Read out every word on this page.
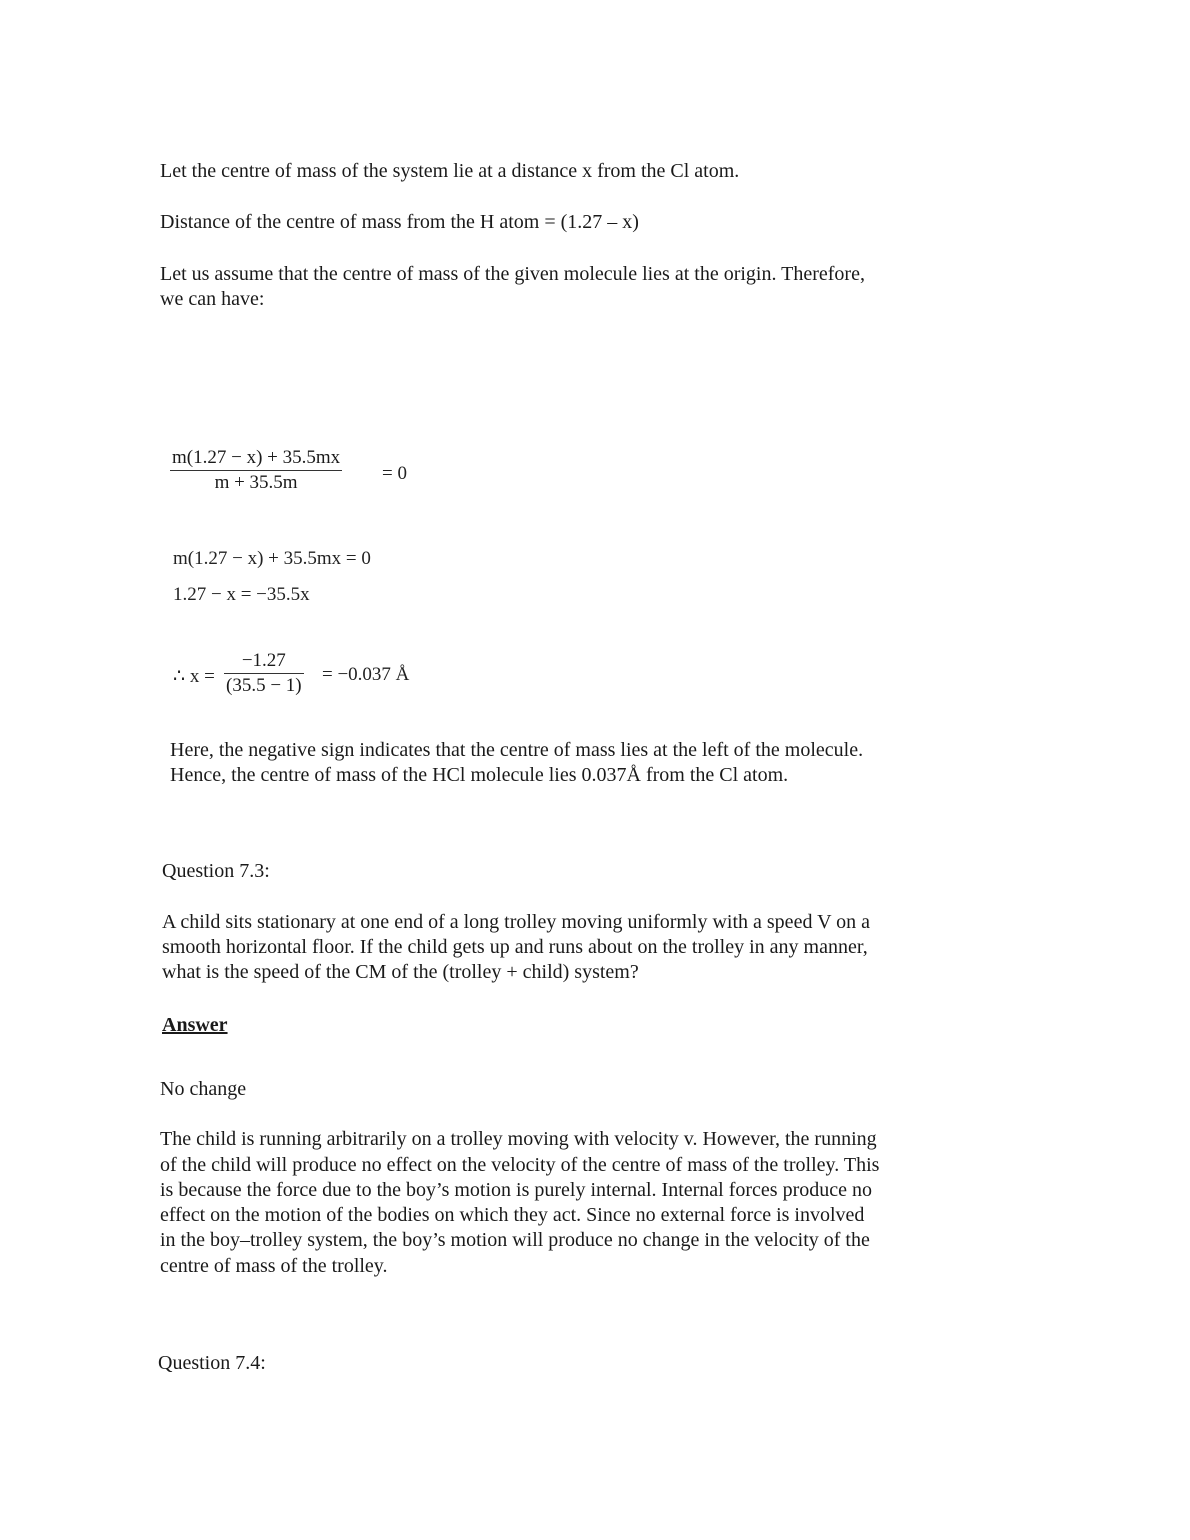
Let the centre of mass of the system lie at a distance x from the Cl atom.

Distance of the centre of mass from the H atom = (1.27 – x)

Let us assume that the centre of mass of the given molecule lies at the origin. Therefore,

we can have:

m(1.27 − x) + 35.5mx
m + 35.5m	= 0
m(1.27 − x) + 35.5mx = 0
1.27 − x = −35.5x
∴ x =
−1.27
(35.5 − 1)
= −0.037 Å

Here, the negative sign indicates that the centre of mass lies at the left of the molecule.

Hence, the centre of mass of the HCl molecule lies 0.037Å from the Cl atom.

Question 7.3:

A child sits stationary at one end of a long trolley moving uniformly with a speed V on a

smooth horizontal floor. If the child gets up and runs about on the trolley in any manner,

what is the speed of the CM of the (trolley + child) system?

Answer

No change

The child is running arbitrarily on a trolley moving with velocity v. However, the running

of the child will produce no effect on the velocity of the centre of mass of the trolley. This

is because the force due to the boy’s motion is purely internal. Internal forces produce no

effect on the motion of the bodies on which they act. Since no external force is involved

in the boy–trolley system, the boy’s motion will produce no change in the velocity of the

centre of mass of the trolley.

Question 7.4:
